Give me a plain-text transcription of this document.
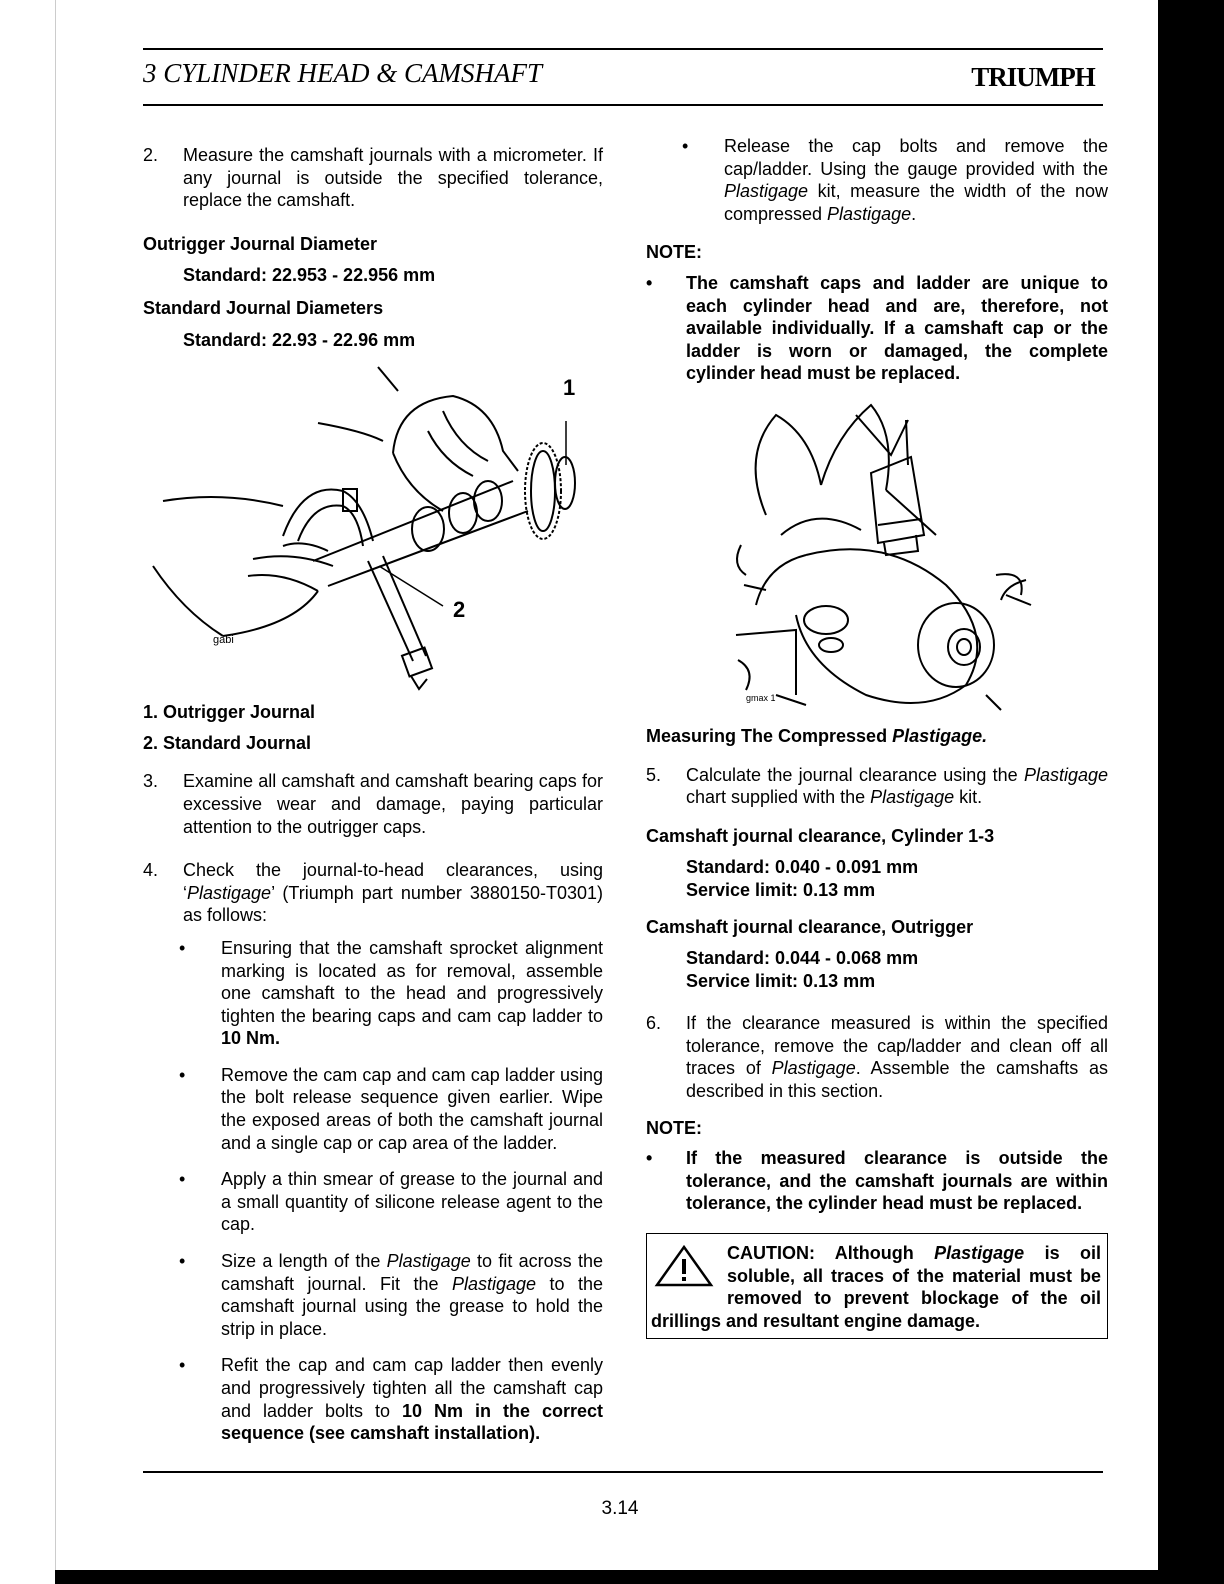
3 CYLINDER HEAD & CAMSHAFT	TRIUMPH
2. Measure the camshaft journals with a micrometer. If any journal is outside the specified tolerance, replace the camshaft.
Outrigger Journal Diameter
Standard: 22.953 - 22.956 mm
Standard Journal Diameters
Standard: 22.93 - 22.96 mm
1
2
gabi
1. Outrigger Journal
2. Standard Journal
3. Examine all camshaft and camshaft bearing caps for excessive wear and damage, paying particular attention to the outrigger caps.
4. Check the journal-to-head clearances, using ‘Plastigage’ (Triumph part number 3880150-T0301) as follows:
• Ensuring that the camshaft sprocket alignment marking is located as for removal, assemble one camshaft to the head and progressively tighten the bearing caps and cam cap ladder to 10 Nm.
• Remove the cam cap and cam cap ladder using the bolt release sequence given earlier. Wipe the exposed areas of both the camshaft journal and a single cap or cap area of the ladder.
• Apply a thin smear of grease to the journal and a small quantity of silicone release agent to the cap.
• Size a length of the Plastigage to fit across the camshaft journal. Fit the Plastigage to the camshaft journal using the grease to hold the strip in place.
• Refit the cap and cam cap ladder then evenly and progressively tighten all the camshaft cap and ladder bolts to 10 Nm in the correct sequence (see camshaft installation).
• Release the cap bolts and remove the cap/ladder. Using the gauge provided with the Plastigage kit, measure the width of the now compressed Plastigage.
NOTE:
• The camshaft caps and ladder are unique to each cylinder head and are, therefore, not available individually. If a camshaft cap or the ladder is worn or damaged, the complete cylinder head must be replaced.
gmax 1
Measuring The Compressed Plastigage.
5. Calculate the journal clearance using the Plastigage chart supplied with the Plastigage kit.
Camshaft journal clearance, Cylinder 1-3
Standard: 0.040 - 0.091 mm
Service limit: 0.13 mm
Camshaft journal clearance, Outrigger
Standard: 0.044 - 0.068 mm
Service limit: 0.13 mm
6. If the clearance measured is within the specified tolerance, remove the cap/ladder and clean off all traces of Plastigage. Assemble the camshafts as described in this section.
NOTE:
• If the measured clearance is outside the tolerance, and the camshaft journals are within tolerance, the cylinder head must be replaced.
CAUTION: Although Plastigage is oil soluble, all traces of the material must be removed to prevent blockage of the oil drillings and resultant engine damage.
3.14
